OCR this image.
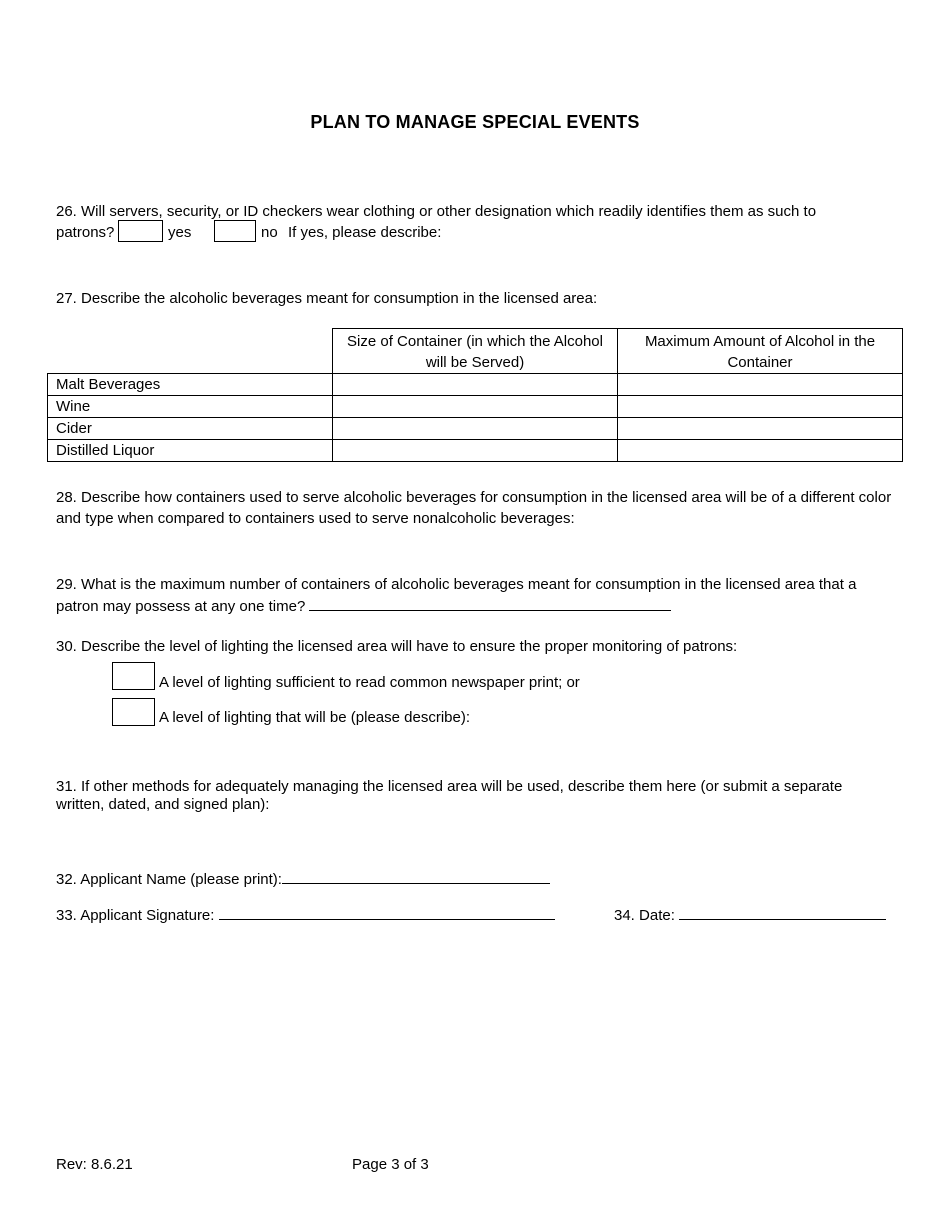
PLAN TO MANAGE SPECIAL EVENTS
26. Will servers, security, or ID checkers wear clothing or other designation which readily identifies them as such to
patrons?	yes	no If yes, please describe:
27. Describe the alcoholic beverages meant for consumption in the licensed area:
	Size of Container (in which the Alcohol will be Served)	Maximum Amount of Alcohol in the Container
Malt Beverages		
Wine		
Cider		
Distilled Liquor		
28. Describe how containers used to serve alcoholic beverages for consumption in the licensed area will be of a different color and type when compared to containers used to serve nonalcoholic beverages:
29. What is the maximum number of containers of alcoholic beverages meant for consumption in the licensed area that a
patron may possess at any one time?
30. Describe the level of lighting the licensed area will have to ensure the proper monitoring of patrons:
A level of lighting sufficient to read common newspaper print; or
A level of lighting that will be (please describe):
31. If other methods for adequately managing the licensed area will be used, describe them here (or submit a separate written, dated, and signed plan):
32. Applicant Name (please print):
33. Applicant Signature:	34. Date:
Rev: 8.6.21	Page 3 of 3
